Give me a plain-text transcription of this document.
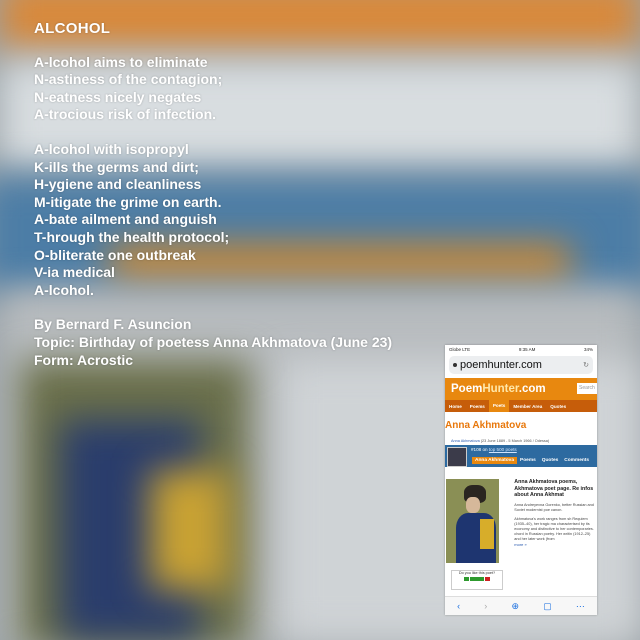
ALCOHOL
A-lcohol aims to eliminate
N-astiness of the contagion;
N-eatness nicely negates
A-trocious risk of infection.
A-lcohol with isopropyl
K-ills the germs and dirt;
H-ygiene and cleanliness
M-itigate the grime on earth.
A-bate ailment and anguish
T-hrough the health protocol;
O-bliterate one outbreak
V-ia medical
A-lcohol.
By Bernard F. Asuncion
Topic: Birthday of poetess Anna Akhmatova (June 23)
Form: Acrostic
Globe LTE	9:35 AM	34%
poemhunter.com	↻
PoemHunter.com	Search
Home	Poems	Poets	Member Area	Quotes
Anna Akhmatova
Anna Akhmatova (23 June 1889 - 5 March 1966 / Odessa)
#108 on top 500 poets
Anna Akhmatova	Poems	Quotes	Comments
Anna Akhmatova poems, Akhmatova poet page. Re infos about Anna Akhmat

Anna Andreyevna Gorenko, better Russian and Soviet modernist poe canon.

Akhmatova's work ranges from sh Requiem (1935–40), her tragic ma characterised by its economy and distinctive to her contemporaries. chord in Russian poetry. Her writin (1912–25) and her later work (from

more »
Do you like this poet?
‹	›	⊕	▢	⋯
